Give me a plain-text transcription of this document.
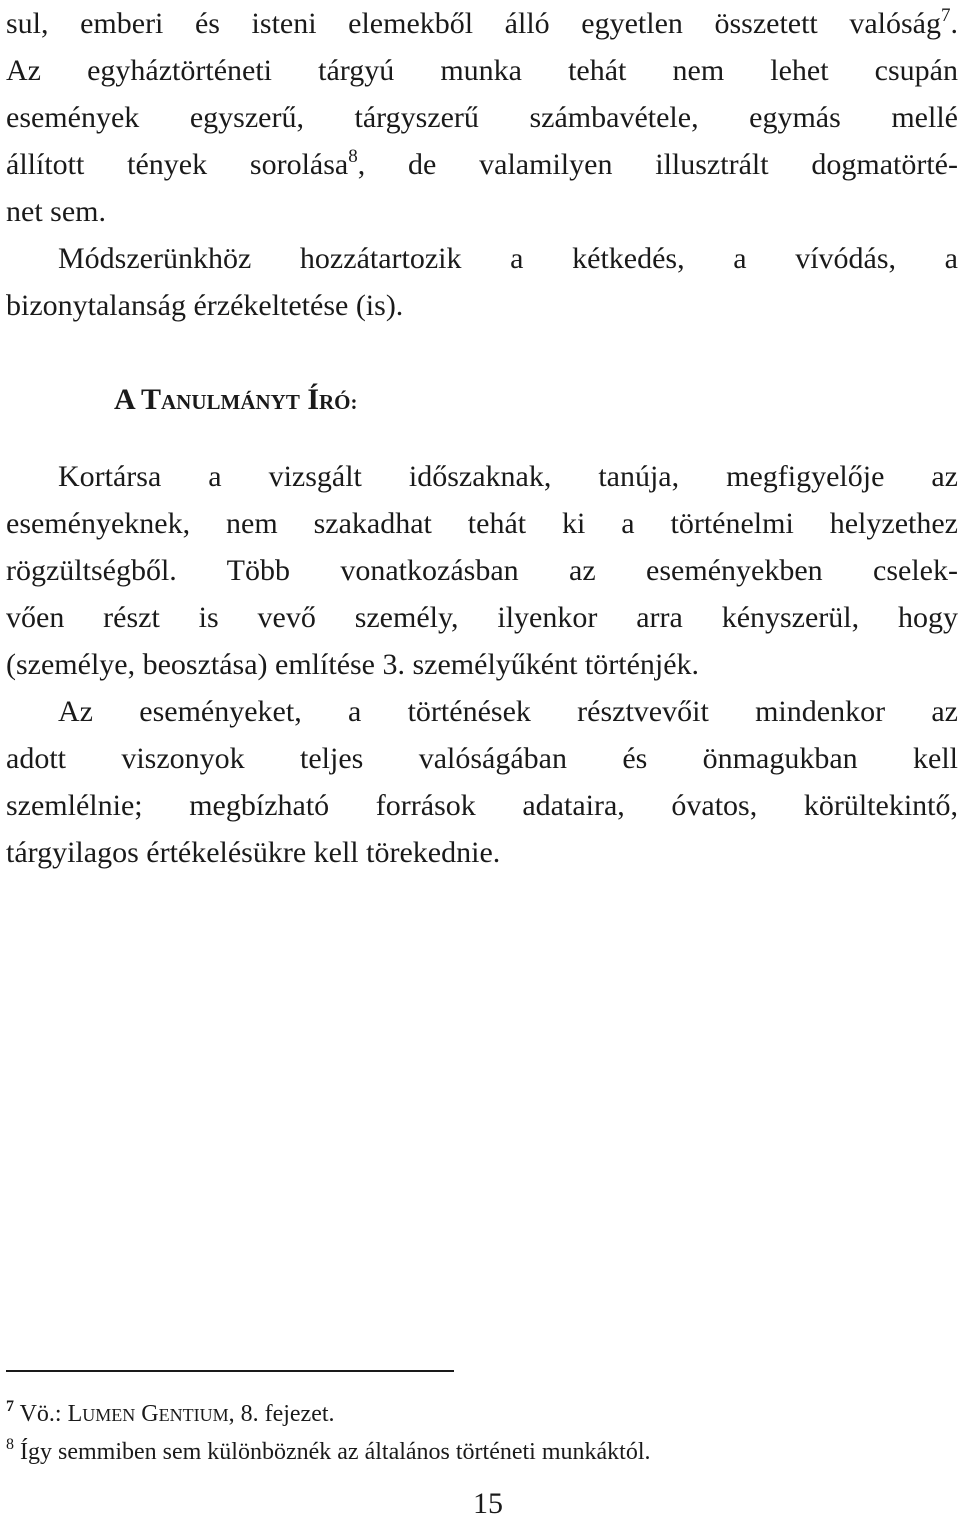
sul, emberi és isteni elemekből álló egyetlen összetett valóság$^7$.

Az egyháztörténeti tárgyú munka tehát nem lehet csupán

események egyszerű, tárgyszerű számbavétele, egymás mellé

állított tények sorolása$^8$, de valamilyen illusztrált dogmatörté-

net sem.

Módszerünkhöz hozzátartozik a kétkedés, a vívódás, a

bizonytalanság érzékeltetése (is).

A TANULMÁNYT ÍRÓ:

Kortársa a vizsgált időszaknak, tanúja, megfigyelője az

eseményeknek, nem szakadhat tehát ki a történelmi helyzethez

rögzültségből. Több vonatkozásban az eseményekben cselek-

vően részt is vevő személy, ilyenkor arra kényszerül, hogy

(személye, beosztása) említése 3. személyűként történjék.

Az eseményeket, a történések résztvevőit mindenkor az

adott viszonyok teljes valóságában és önmagukban kell

szemlélnie; megbízható források adataira, óvatos, körültekintő,

tárgyilagos értékelésükre kell törekednie.

$^7$ Vö.: LUMEN GENTIUM, 8. fejezet.

$^8$ Így semmiben sem különböznék az általános történeti munkáktól.

15
